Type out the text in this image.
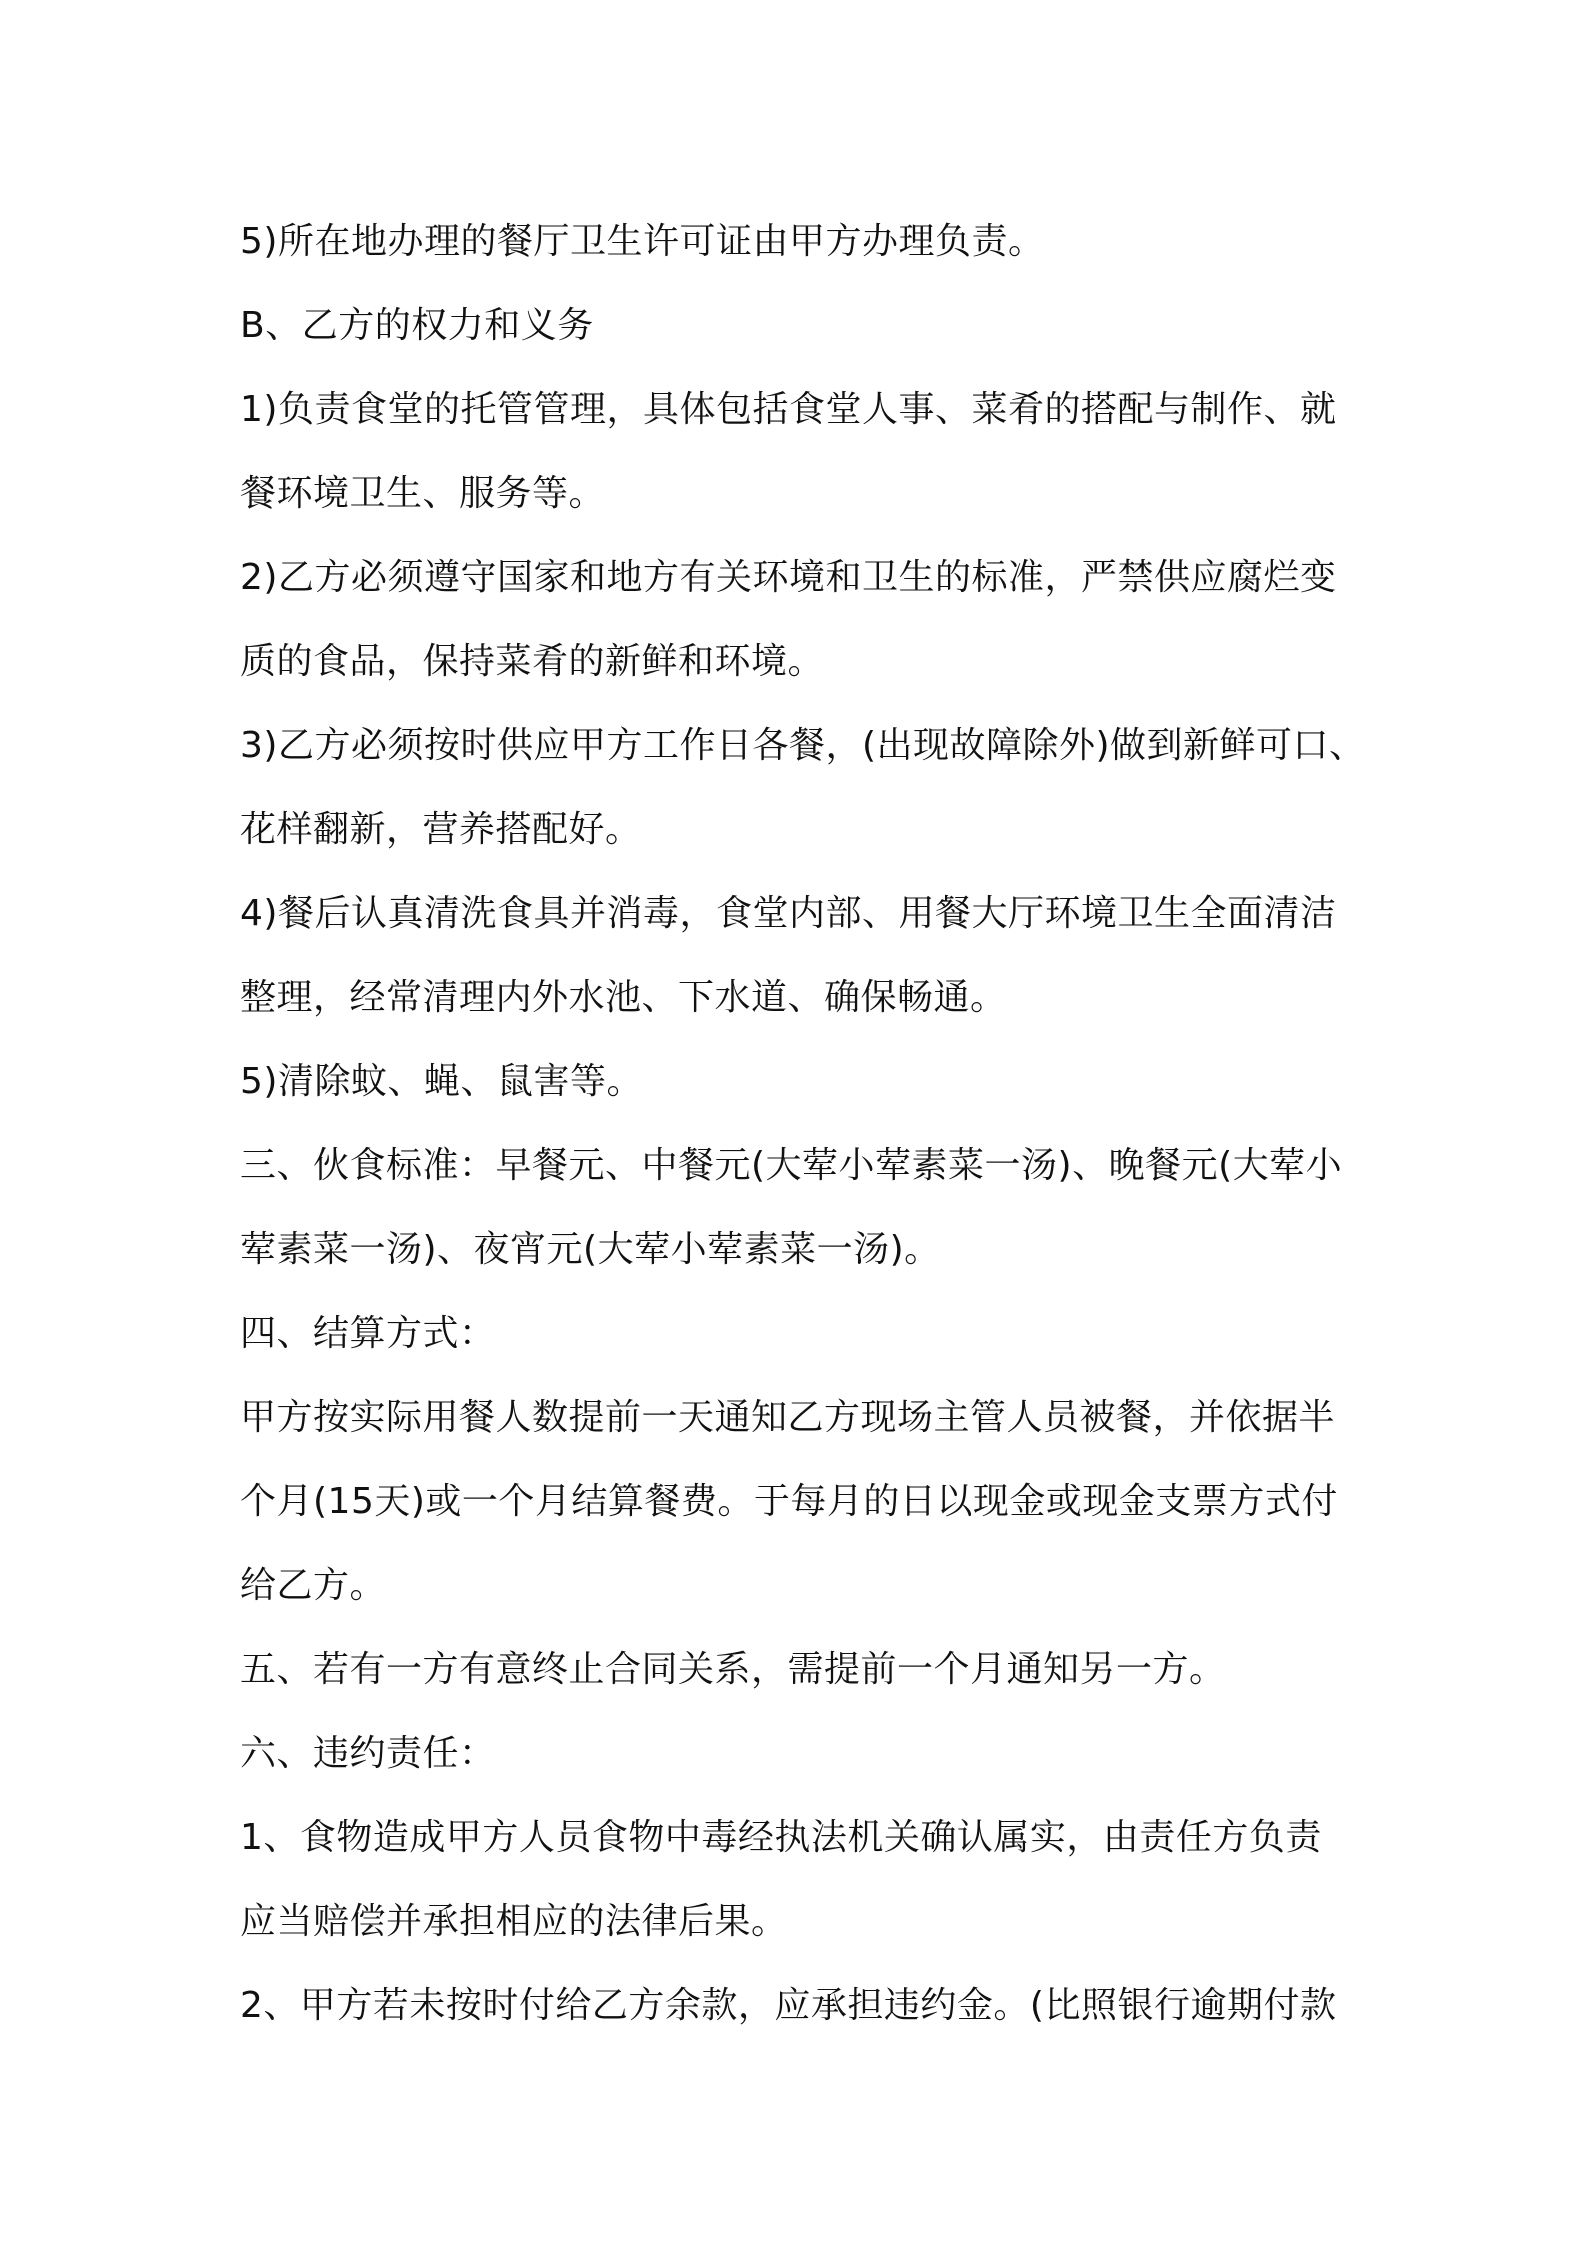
5)所在地办理的餐厅卫生许可证由甲方办理负责。
B、乙方的权力和义务
1)负责食堂的托管管理，具体包括食堂人事、菜肴的搭配与制作、就
餐环境卫生、服务等。
2)乙方必须遵守国家和地方有关环境和卫生的标准，严禁供应腐烂变
质的食品，保持菜肴的新鲜和环境。
3)乙方必须按时供应甲方工作日各餐，(出现故障除外)做到新鲜可口、
花样翻新，营养搭配好。
4)餐后认真清洗食具并消毒，食堂内部、用餐大厅环境卫生全面清洁
整理，经常清理内外水池、下水道、确保畅通。
5)清除蚊、蝇、鼠害等。
三、伙食标准：早餐元、中餐元(大荤小荤素菜一汤)、晚餐元(大荤小
荤素菜一汤)、夜宵元(大荤小荤素菜一汤)。
四、结算方式：
甲方按实际用餐人数提前一天通知乙方现场主管人员被餐，并依据半
个月(15天)或一个月结算餐费。于每月的日以现金或现金支票方式付
给乙方。
五、若有一方有意终止合同关系，需提前一个月通知另一方。
六、违约责任：
1、食物造成甲方人员食物中毒经执法机关确认属实，由责任方负责
应当赔偿并承担相应的法律后果。
2、甲方若未按时付给乙方余款，应承担违约金。(比照银行逾期付款
